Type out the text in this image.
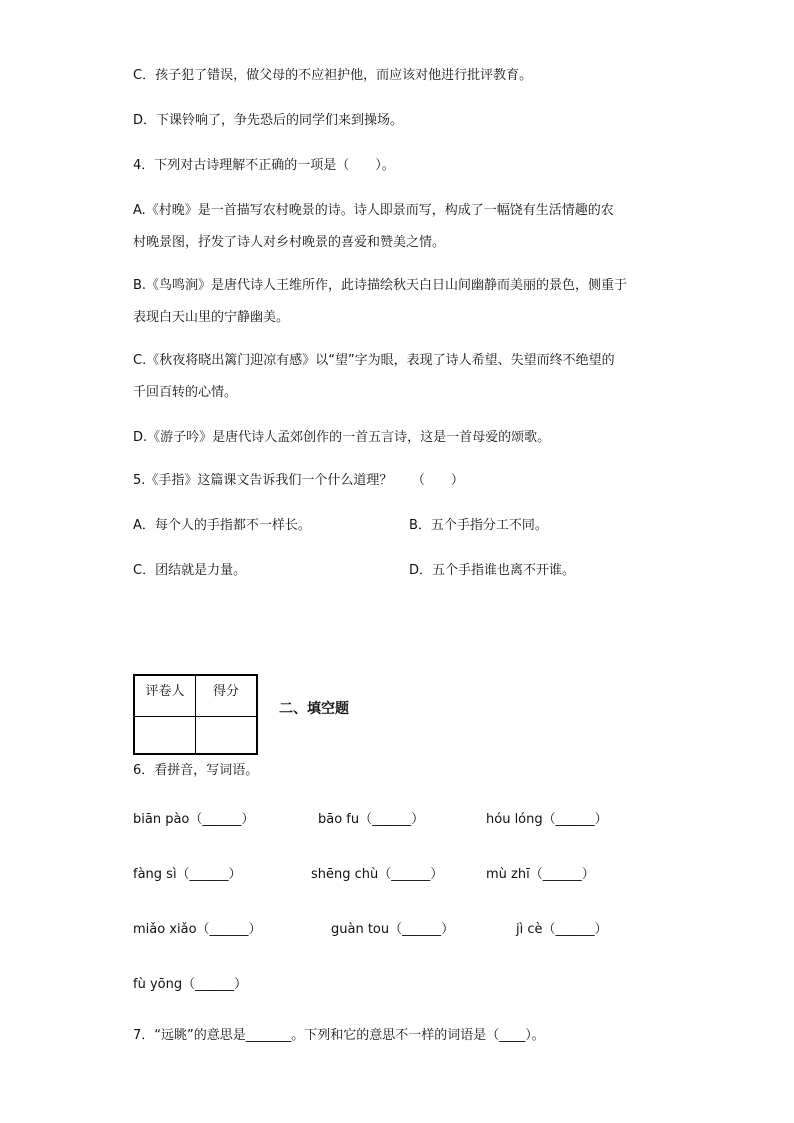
C．孩子犯了错误，做父母的不应袒护他，而应该对他进行批评教育。
D．下课铃响了，争先恐后的同学们来到操场。
4．下列对古诗理解不正确的一项是（　　）。
A.《村晚》是一首描写农村晚景的诗。诗人即景而写，构成了一幅饶有生活情趣的农
村晚景图，抒发了诗人对乡村晚景的喜爱和赞美之情。
B.《鸟鸣涧》是唐代诗人王维所作，此诗描绘秋天白日山间幽静而美丽的景色，侧重于
表现白天山里的宁静幽美。
C.《秋夜将晓出篱门迎凉有感》以“望”字为眼，表现了诗人希望、失望而终不绝望的
千回百转的心情。
D.《游子吟》是唐代诗人孟郊创作的一首五言诗，这是一首母爱的颂歌。
5.《手指》这篇课文告诉我们一个什么道理？　　（　　）
A．每个人的手指都不一样长。	B．五个手指分工不同。
C．团结就是力量。	D．五个手指谁也离不开谁。
评卷人	得分

二、填空题
6．看拼音，写词语。
biān pào（______）	bāo fu（______）	hóu lóng（______）
fàng sì（______）	shēng chù（______）	mù zhī（______）
miǎo xiǎo（______）	guàn tou（______）	jì cè（______）
fù yōng（______）
7．“远眺”的意思是_______。下列和它的意思不一样的词语是（____）。
